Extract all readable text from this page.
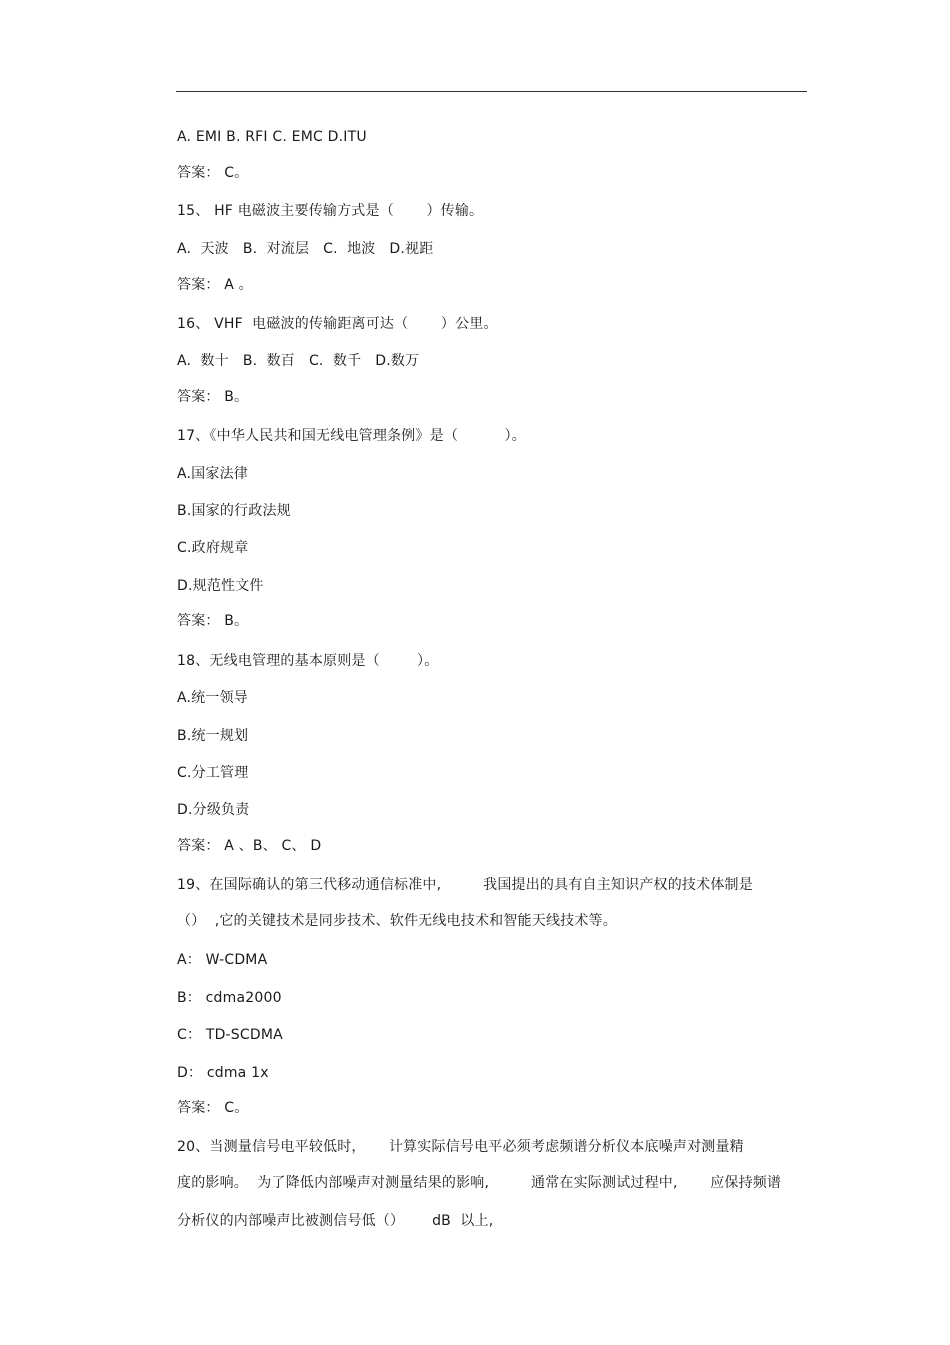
A. EMI B. RFI C. EMC D.ITU
答案： C。
15、 HF 电磁波主要传输方式是（       ）传输。
A.  天波   B.  对流层   C.  地波   D.视距
答案： A 。
16、 VHF  电磁波的传输距离可达（       ）公里。
A.  数十   B.  数百   C.  数千   D.数万
答案： B。
17、《中华人民共和国无线电管理条例》是（          ）。
A.国家法律
B.国家的行政法规
C.政府规章
D.规范性文件
答案： B。
18、无线电管理的基本原则是（        ）。
A.统一领导
B.统一规划
C.分工管理
D.分级负责
答案： A 、B、 C、 D
19、在国际确认的第三代移动通信标准中,         我国提出的具有自主知识产权的技术体制是
（）  ,它的关键技术是同步技术、软件无线电技术和智能天线技术等。
A： W-CDMA
B： cdma2000
C： TD-SCDMA
D： cdma 1x
答案： C。
20、当测量信号电平较低时，     计算实际信号电平必须考虑频谱分析仪本底噪声对测量精
度的影响。  为了降低内部噪声对测量结果的影响,         通常在实际测试过程中,       应保持频谱
分析仪的内部噪声比被测信号低（）      dB  以上,
